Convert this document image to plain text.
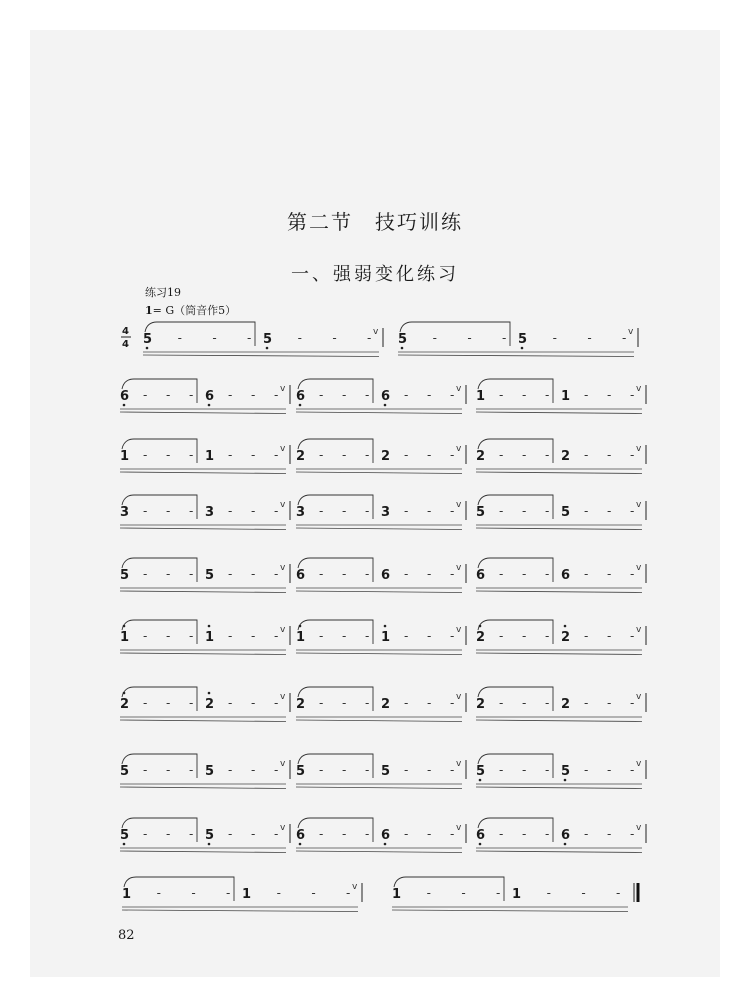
第二节 技巧训练
一、强弱变化练习
练习19
1= G（筒音作5）
4
4 5 -	-	- 5 -	-	- v 5 -	-	- 5 -	-	- v
6 - - - 6 - - - v 6 - - - 6 - - - v 1 - - - 1 - - - v
1 - - - 1 - - - v 2 - - - 2 - - - v 2 - - - 2 - - - v
3 - - - 3 - - - v 3 - - - 3 - - - v 5 - - - 5 - - - v
5 - - - 5 - - - v 6 - - - 6 - - - v 6 - - - 6 - - - v
1 - - - 1 - - - v 1 - - - 1 - - - v 2 - - - 2 - - - v
2 - - - 2 - - - v 2 - - - 2 - - - v 2 - - - 2 - - - v
5 - - - 5 - - - v 5 - - - 5 - - - v 5 - - - 5 - - - v
5 - - - 5 - - - v 6 - - - 6 - - - v 6 - - - 6 - - - v
1 -	-	- 1 -	-	- v	1 -	-	- 1 -	-	-
82
